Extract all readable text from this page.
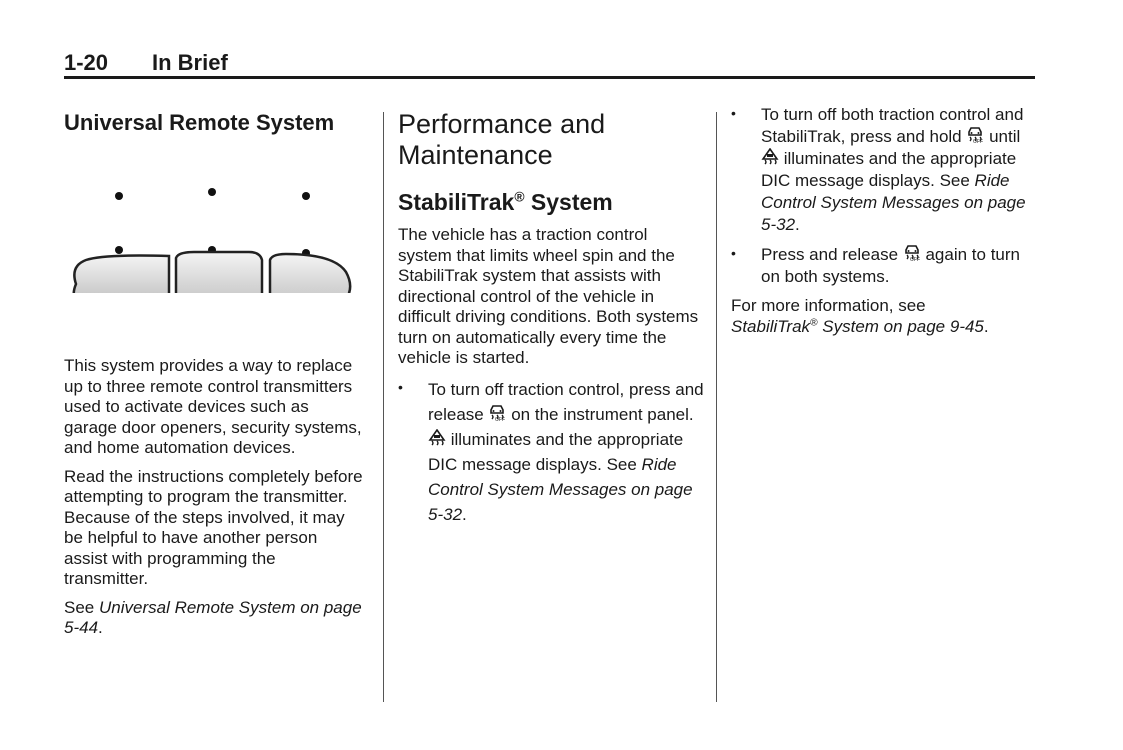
1-20 In Brief
Universal Remote System

This system provides a way to replace up to three remote control transmitters used to activate devices such as garage door openers, security systems, and home automation devices.

Read the instructions completely before attempting to program the transmitter. Because of the steps involved, it may be helpful to have another person assist with programming the transmitter.

See Universal Remote System on page 5-44.

Performance and
Maintenance
StabiliTrak® System

The vehicle has a traction control system that limits wheel spin and the StabiliTrak system that assists with directional control of the vehicle in difficult driving conditions. Both systems turn on automatically every time the vehicle is started.

• To turn off traction control, press and release  on the instrument panel.  illuminates and the appropriate DIC message displays. See Ride Control System Messages on page 5-32.
• To turn off both traction control and StabiliTrak, press and hold  until  illuminates and the appropriate DIC message displays. See Ride Control System Messages on page 5-32.
• Press and release  again to turn on both systems.

For more information, see

StabiliTrak® System on page 9-45.
